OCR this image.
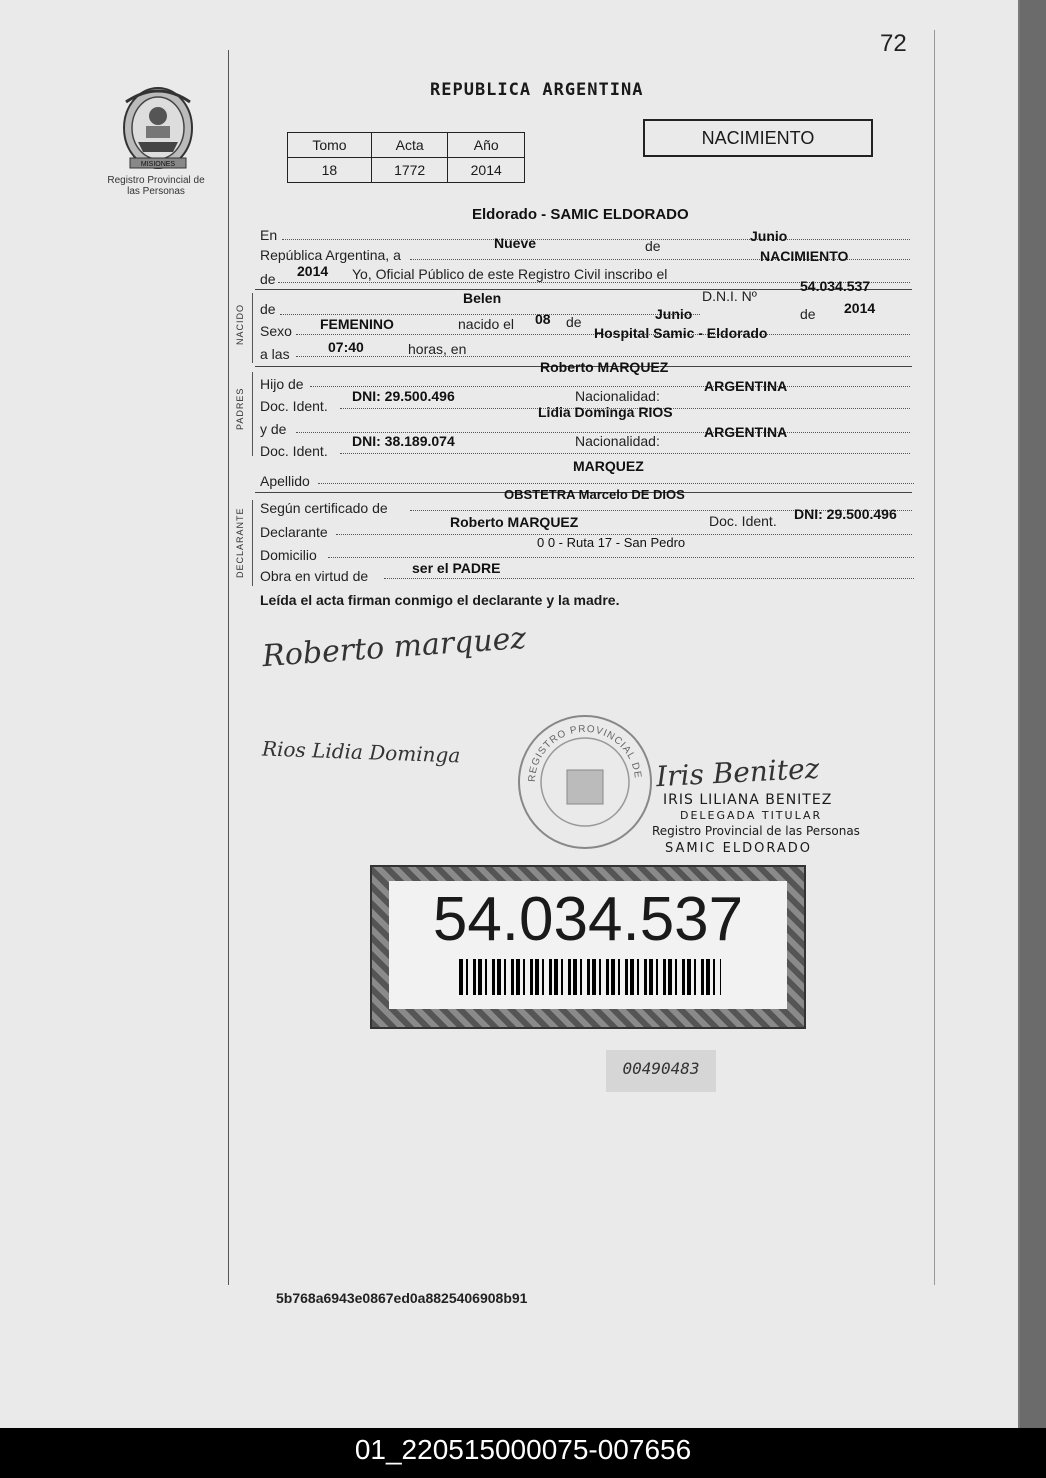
72
MISIONES
Registro Provincial de las Personas
REPUBLICA ARGENTINA
Tomo	Acta	Año
18	1772	2014
NACIMIENTO
En
Eldorado - SAMIC ELDORADO
República Argentina, a
Nueve	de
Junio
de 2014 Yo, Oficial Público de este Registro Civil inscribo el
NACIMIENTO
NACIDO de
Belen	D.N.I. Nº
54.034.537
Sexo FEMENINO	nacido el 08 de	Junio	de 2014
a las	07:40	horas, en
Hospital Samic - Eldorado
PADRES
Hijo de
Roberto MARQUEZ
Doc. Ident.
DNI: 29.500.496	Nacionalidad:
ARGENTINA
y de
Lidia Dominga RIOS
Doc. Ident.
DNI: 38.189.074	Nacionalidad:
ARGENTINA
Apellido
MARQUEZ
DECLARANTE Según certificado de
OBSTETRA Marcelo DE DIOS
Declarante
Roberto MARQUEZ	Doc. Ident. DNI: 29.500.496
Domicilio
0 0 - Ruta 17 - San Pedro
Obra en virtud de	ser el PADRE
Leída el acta firman conmigo el declarante y la madre.
Roberto marquez
Rios Lidia Dominga
REGISTRO PROVINCIAL DE Iris Benitez
IRIS LILIANA BENITEZ
DELEGADA TITULAR
Registro Provincial de las Personas
SAMIC ELDORADO
54.034.537
00490483
5b768a6943e0867ed0a8825406908b91
01_220515000075-007656
